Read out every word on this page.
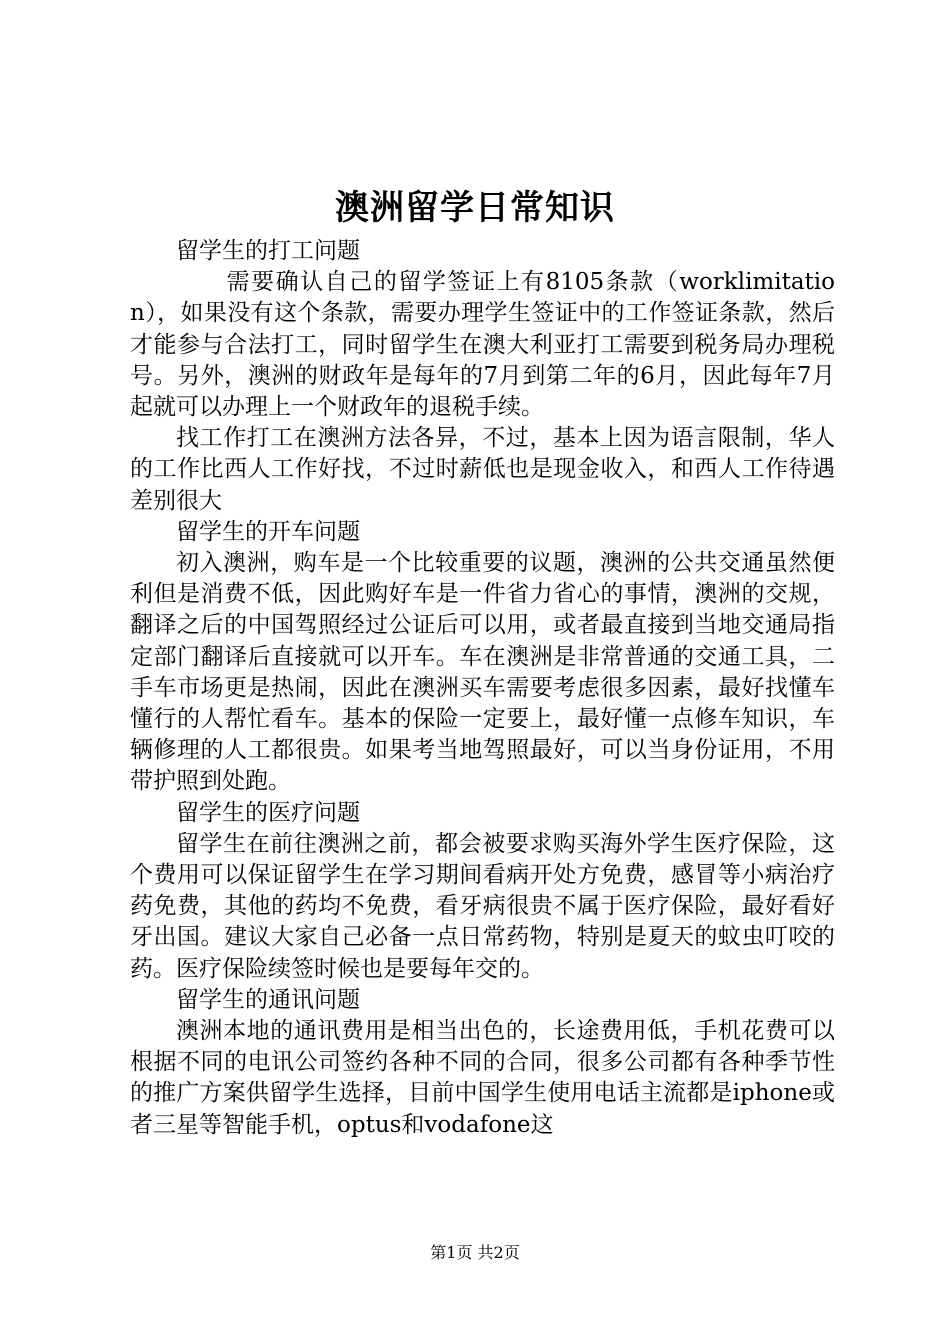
澳洲留学日常知识

留学生的打工问题

需要确认自己的留学签证上有8105条款（worklimitation），如果没有这个条款，需要办理学生签证中的工作签证条款，然后才能参与合法打工，同时留学生在澳大利亚打工需要到税务局办理税号。另外，澳洲的财政年是每年的7月到第二年的6月，因此每年7月起就可以办理上一个财政年的退税手续。

找工作打工在澳洲方法各异，不过，基本上因为语言限制，华人的工作比西人工作好找，不过时薪低也是现金收入，和西人工作待遇差别很大

留学生的开车问题

初入澳洲，购车是一个比较重要的议题，澳洲的公共交通虽然便利但是消费不低，因此购好车是一件省力省心的事情，澳洲的交规，翻译之后的中国驾照经过公证后可以用，或者最直接到当地交通局指定部门翻译后直接就可以开车。车在澳洲是非常普通的交通工具，二手车市场更是热闹，因此在澳洲买车需要考虑很多因素，最好找懂车懂行的人帮忙看车。基本的保险一定要上，最好懂一点修车知识，车辆修理的人工都很贵。如果考当地驾照最好，可以当身份证用，不用带护照到处跑。

留学生的医疗问题

留学生在前往澳洲之前，都会被要求购买海外学生医疗保险，这个费用可以保证留学生在学习期间看病开处方免费，感冒等小病治疗药免费，其他的药均不免费，看牙病很贵不属于医疗保险，最好看好牙出国。建议大家自己必备一点日常药物，特别是夏天的蚊虫叮咬的药。医疗保险续签时候也是要每年交的。

留学生的通讯问题

澳洲本地的通讯费用是相当出色的，长途费用低，手机花费可以根据不同的电讯公司签约各种不同的合同，很多公司都有各种季节性的推广方案供留学生选择，目前中国学生使用电话主流都是iphone或者三星等智能手机，optus和vodafone这

第1页 共2页
